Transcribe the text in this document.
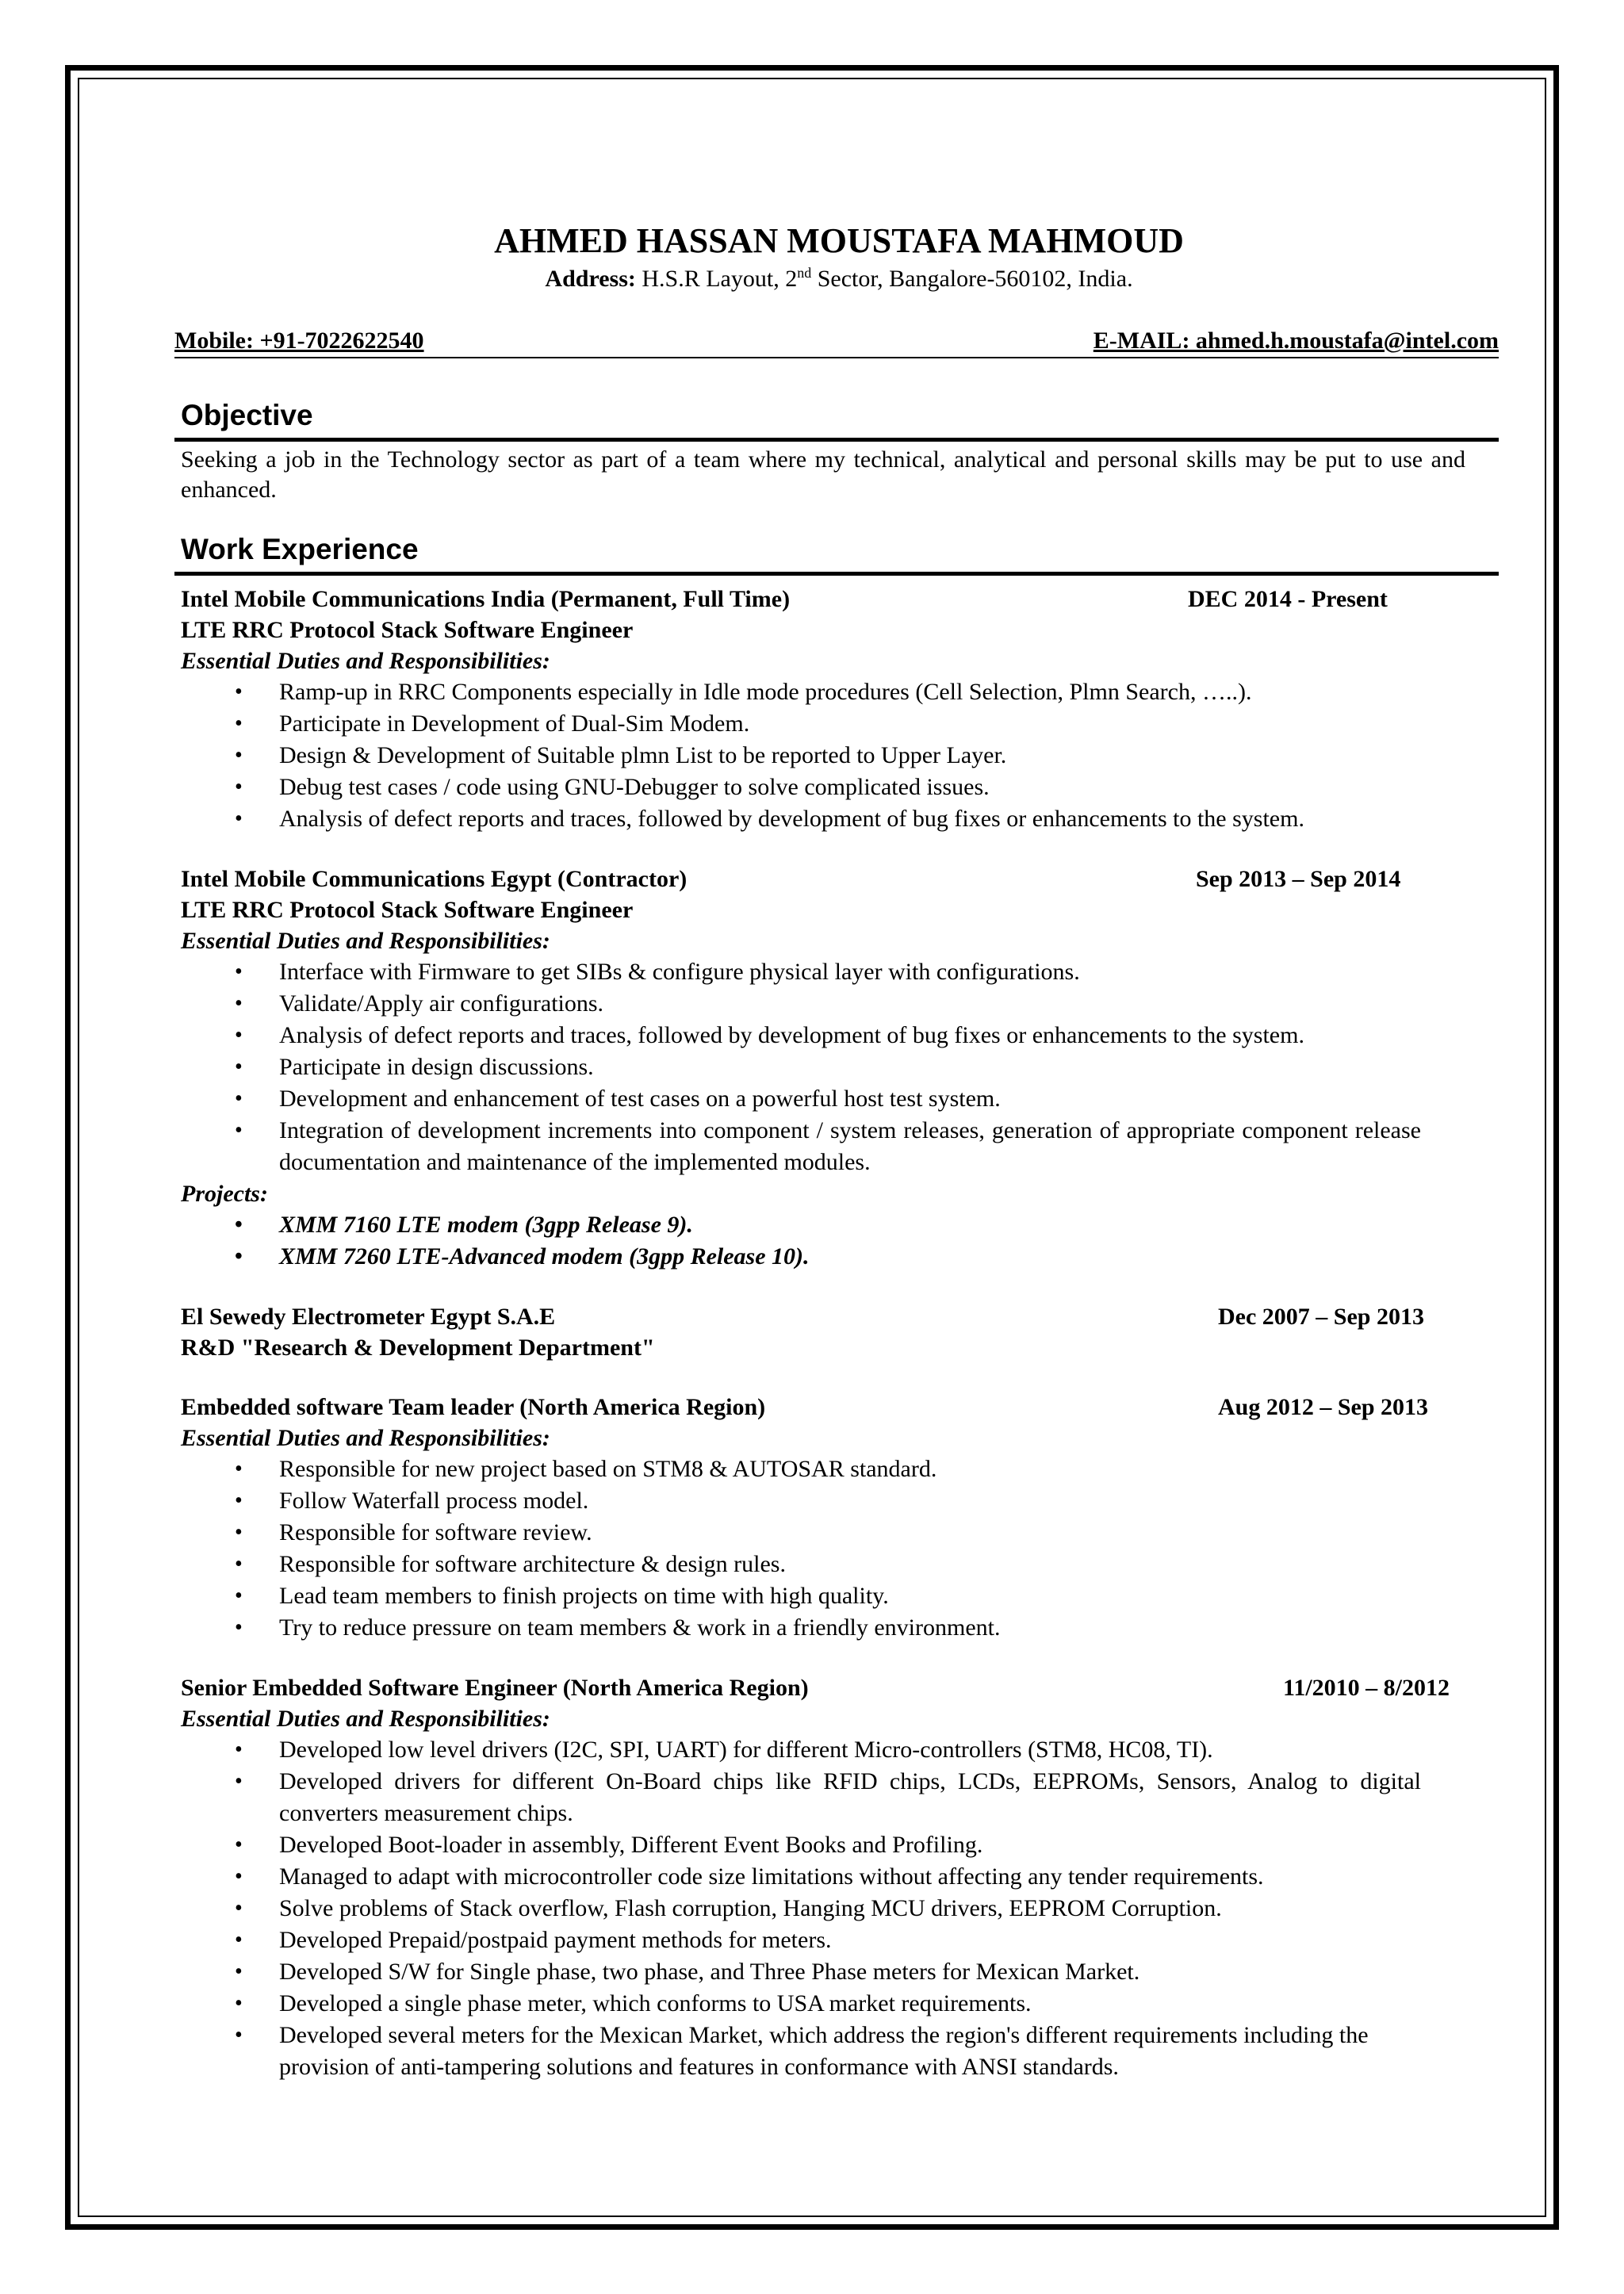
AHMED HASSAN MOUSTAFA MAHMOUD
Address: H.S.R Layout, 2nd Sector, Bangalore-560102, India.
Mobile: +91-7022622540	E-MAIL: ahmed.h.moustafa@intel.com
Objective

Seeking a job in the Technology sector as part of a team where my technical, analytical and personal skills may be put to use and enhanced.

Work Experience
Intel Mobile Communications India (Permanent, Full Time)	DEC 2014 - Present
LTE RRC Protocol Stack Software Engineer
Essential Duties and Responsibilities:
• Ramp-up in RRC Components especially in Idle mode procedures (Cell Selection, Plmn Search, …..).
• Participate in Development of Dual-Sim Modem.
• Design & Development of Suitable plmn List to be reported to Upper Layer.
• Debug test cases / code using GNU-Debugger to solve complicated issues.
• Analysis of defect reports and traces, followed by development of bug fixes or enhancements to the system.
Intel Mobile Communications Egypt (Contractor)	Sep 2013 – Sep 2014
LTE RRC Protocol Stack Software Engineer
Essential Duties and Responsibilities:
• Interface with Firmware to get SIBs & configure physical layer with configurations.
• Validate/Apply air configurations.
• Analysis of defect reports and traces, followed by development of bug fixes or enhancements to the system.
• Participate in design discussions.
• Development and enhancement of test cases on a powerful host test system.
• Integration of development increments into component / system releases, generation of appropriate component release documentation and maintenance of the implemented modules.
Projects:
• XMM 7160 LTE modem (3gpp Release 9).
• XMM 7260 LTE-Advanced modem (3gpp Release 10).
El Sewedy Electrometer Egypt S.A.E	Dec 2007 – Sep 2013
R&D "Research & Development Department"
Embedded software Team leader (North America Region)	Aug 2012 – Sep 2013
Essential Duties and Responsibilities:
• Responsible for new project based on STM8 & AUTOSAR standard.
• Follow Waterfall process model.
• Responsible for software review.
• Responsible for software architecture & design rules.
• Lead team members to finish projects on time with high quality.
• Try to reduce pressure on team members & work in a friendly environment.
Senior Embedded Software Engineer (North America Region)	11/2010 – 8/2012
Essential Duties and Responsibilities:
• Developed low level drivers (I2C, SPI, UART) for different Micro-controllers (STM8, HC08, TI).
• Developed drivers for different On-Board chips like RFID chips, LCDs, EEPROMs, Sensors, Analog to digital converters measurement chips.
• Developed Boot-loader in assembly, Different Event Books and Profiling.
• Managed to adapt with microcontroller code size limitations without affecting any tender requirements.
• Solve problems of Stack overflow, Flash corruption, Hanging MCU drivers, EEPROM Corruption.
• Developed Prepaid/postpaid payment methods for meters.
• Developed S/W for Single phase, two phase, and Three Phase meters for Mexican Market.
• Developed a single phase meter, which conforms to USA market requirements.
• Developed several meters for the Mexican Market, which address the region's different requirements including the provision of anti-tampering solutions and features in conformance with ANSI standards.
